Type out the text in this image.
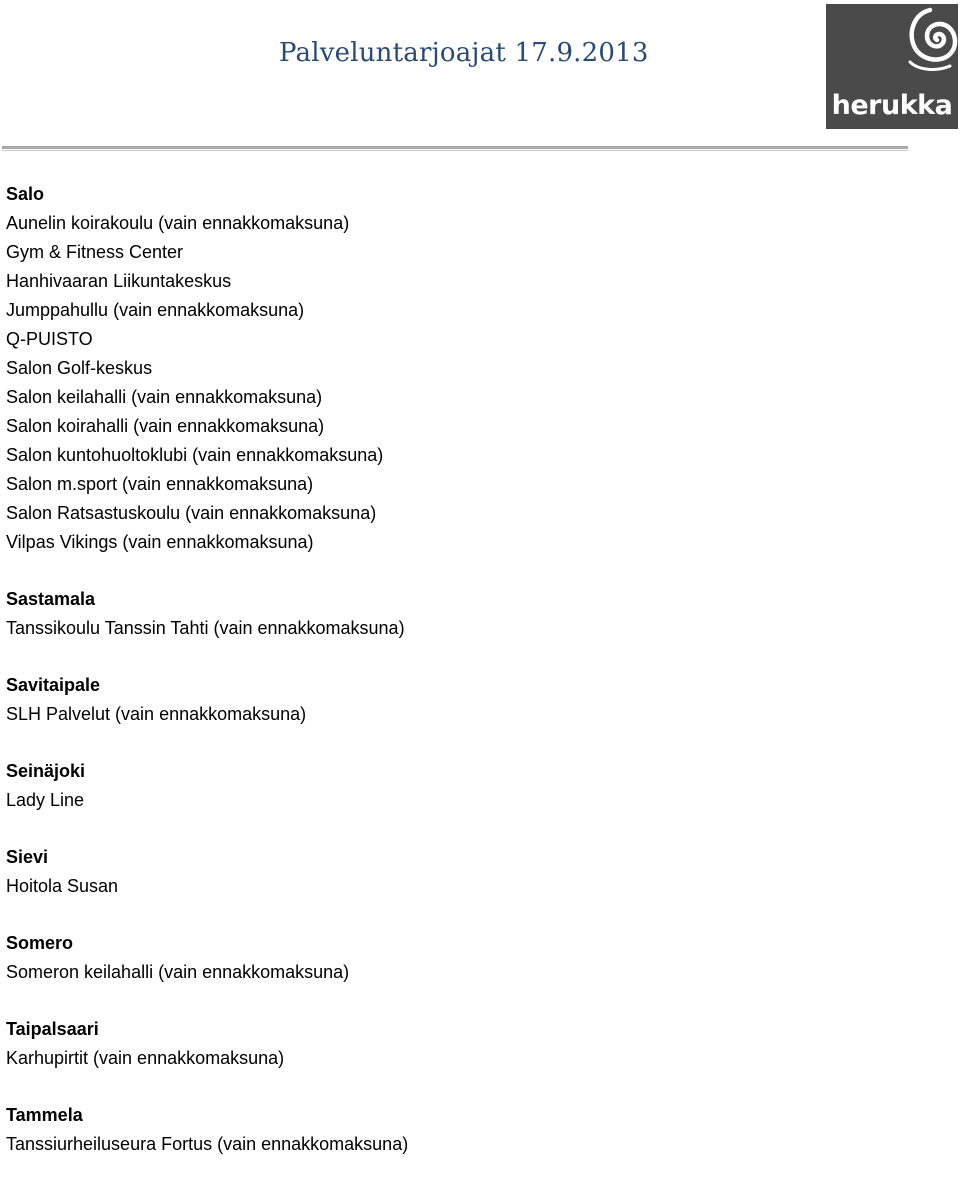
Palveluntarjoajat 17.9.2013
herukka
Salo
Aunelin koirakoulu (vain ennakkomaksuna)
Gym & Fitness Center
Hanhivaaran Liikuntakeskus
Jumppahullu (vain ennakkomaksuna)
Q-PUISTO
Salon Golf-keskus
Salon keilahalli (vain ennakkomaksuna)
Salon koirahalli (vain ennakkomaksuna)
Salon kuntohuoltoklubi (vain ennakkomaksuna)
Salon m.sport (vain ennakkomaksuna)
Salon Ratsastuskoulu (vain ennakkomaksuna)
Vilpas Vikings (vain ennakkomaksuna)
Sastamala
Tanssikoulu Tanssin Tahti (vain ennakkomaksuna)
Savitaipale
SLH Palvelut (vain ennakkomaksuna)
Seinäjoki
Lady Line
Sievi
Hoitola Susan
Somero
Someron keilahalli (vain ennakkomaksuna)
Taipalsaari
Karhupirtit (vain ennakkomaksuna)
Tammela
Tanssiurheiluseura Fortus (vain ennakkomaksuna)
